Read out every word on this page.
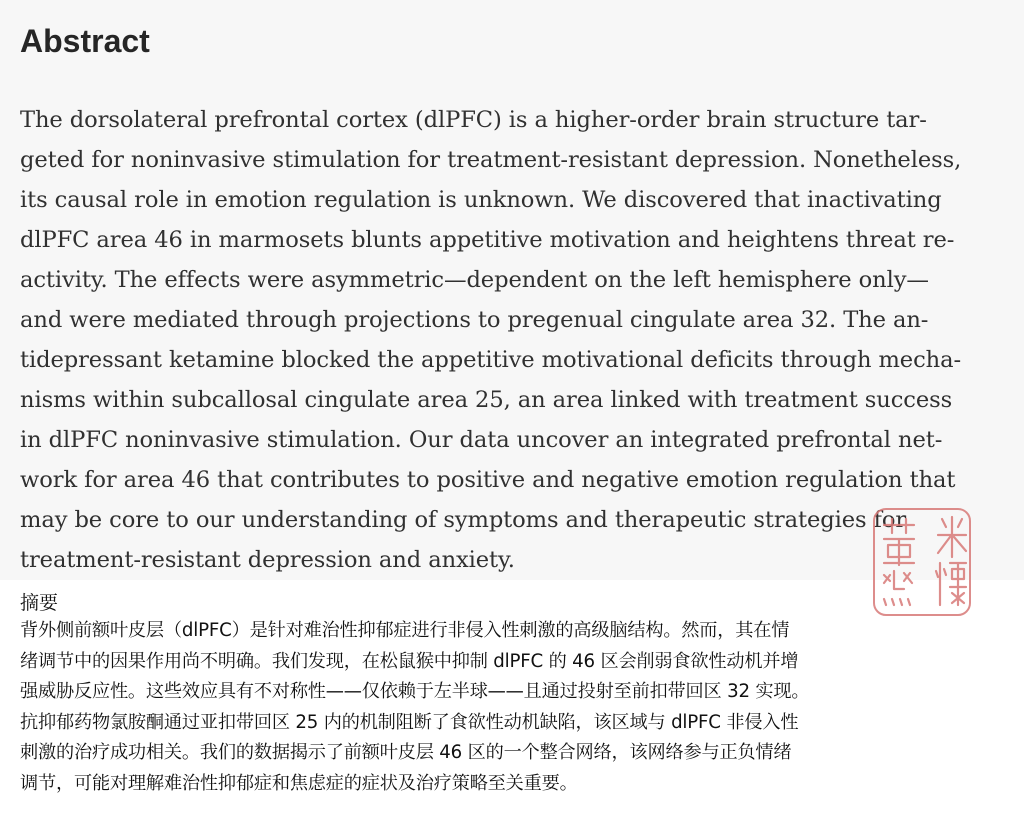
Abstract
The dorsolateral prefrontal cortex (dlPFC) is a higher-order brain structure tar-
geted for noninvasive stimulation for treatment-resistant depression. Nonetheless,
its causal role in emotion regulation is unknown. We discovered that inactivating
dlPFC area 46 in marmosets blunts appetitive motivation and heightens threat re-
activity. The effects were asymmetric—dependent on the left hemisphere only—
and were mediated through projections to pregenual cingulate area 32. The an-
tidepressant ketamine blocked the appetitive motivational deficits through mecha-
nisms within subcallosal cingulate area 25, an area linked with treatment success
in dlPFC noninvasive stimulation. Our data uncover an integrated prefrontal net-
work for area 46 that contributes to positive and negative emotion regulation that
may be core to our understanding of symptoms and therapeutic strategies for
treatment-resistant depression and anxiety.
摘要
背外侧前额叶皮层（dlPFC）是针对难治性抑郁症进行非侵入性刺激的高级脑结构。然而，其在情
绪调节中的因果作用尚不明确。我们发现，在松鼠猴中抑制 dlPFC 的 46 区会削弱食欲性动机并增
强威胁反应性。这些效应具有不对称性——仅依赖于左半球——且通过投射至前扣带回区 32 实现。
抗抑郁药物氯胺酮通过亚扣带回区 25 内的机制阻断了食欲性动机缺陷，该区域与 dlPFC 非侵入性
刺激的治疗成功相关。我们的数据揭示了前额叶皮层 46 区的一个整合网络，该网络参与正负情绪
调节，可能对理解难治性抑郁症和焦虑症的症状及治疗策略至关重要。
